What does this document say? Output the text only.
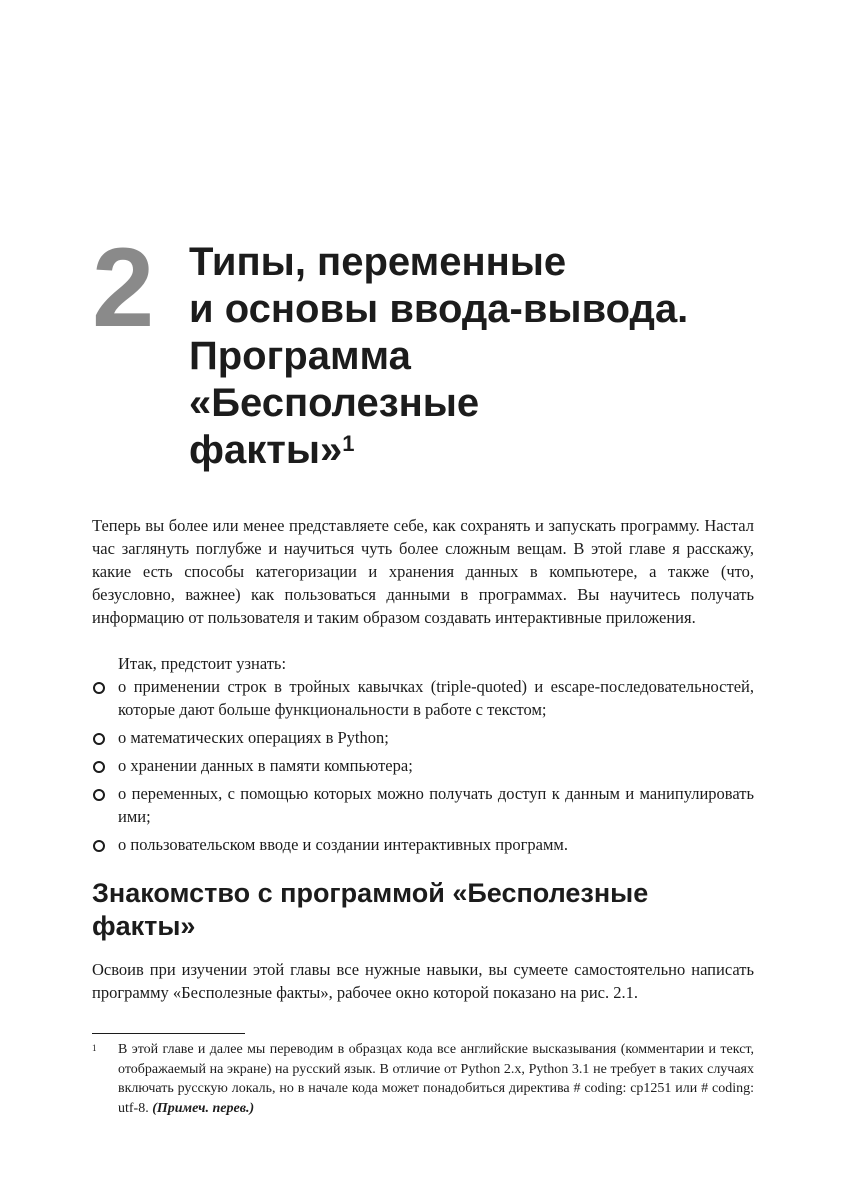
2 Типы, переменные
и основы ввода-вывода.
Программа
«Бесполезные
факты»$^1$

Теперь вы более или менее представляете себе, как сохранять и запускать программу. Настал час заглянуть поглубже и научиться чуть более сложным вещам. В этой главе я расскажу, какие есть способы категоризации и хранения данных в компьютере, а также (что, безусловно, важнее) как пользоваться данными в программах. Вы научитесь получать информацию от пользователя и таким образом создавать интерактивные приложения.

Итак, предстоит узнать:

о применении строк в тройных кавычках (triple-quoted) и escape-последовательностей, которые дают больше функциональности в работе с текстом;
о математических операциях в Python;
о хранении данных в памяти компьютера;
о переменных, с помощью которых можно получать доступ к данным и манипулировать ими;
о пользовательском вводе и создании интерактивных программ.
Знакомство с программой «Бесполезные факты»

Освоив при изучении этой главы все нужные навыки, вы сумеете самостоятельно написать программу «Бесполезные факты», рабочее окно которой показано на рис. 2.1.

1 В этой главе и далее мы переводим в образцах кода все английские высказывания (комментарии и текст, отображаемый на экране) на русский язык. В отличие от Python 2.x, Python 3.1 не требует в таких случаях включать русскую локаль, но в начале кода может понадобиться директива # coding: cp1251 или # coding: utf-8. (Примеч. перев.)
